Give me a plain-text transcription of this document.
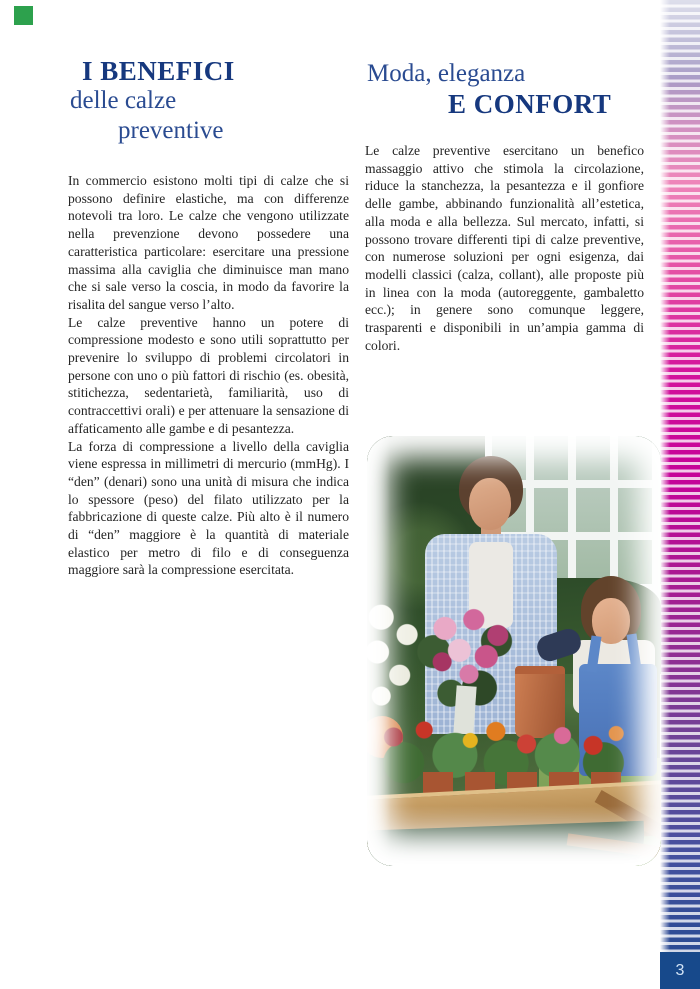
I BENEFICI
delle calze
preventive
Moda, eleganza
E CONFORT

In commercio esistono molti tipi di calze che si possono definire elastiche, ma con differenze notevoli tra loro. Le calze che vengono utilizzate nella prevenzione devono possedere una caratteristica particolare: esercitare una pressione massima alla caviglia che diminuisce man mano che si sale verso la coscia, in modo da favorire la risalita del sangue verso l’alto.

Le calze preventive hanno un potere di compressione modesto e sono utili soprattutto per prevenire lo sviluppo di problemi circolatori in persone con uno o più fattori di rischio (es. obesità, stitichezza, sedentarietà, familiarità, uso di contraccettivi orali) e per attenuare la sensazione di affaticamento alle gambe e di pesantezza.

La forza di compressione a livello della caviglia viene espressa in millimetri di mercurio (mmHg). I “den” (denari) sono una unità di misura che indica lo spessore (peso) del filato utilizzato per la fabbricazione di queste calze. Più alto è il numero di “den” maggiore è la quantità di materiale elastico per metro di filo e di conseguenza maggiore sarà la compressione esercitata.

Le calze preventive esercitano un benefico massaggio attivo che stimola la circolazione, riduce la stanchezza, la pesantezza e il gonfiore delle gambe, abbinando funzionalità all’estetica, alla moda e alla bellezza. Sul mercato, infatti, si possono trovare differenti tipi di calze preventive, con numerose soluzioni per ogni esigenza, dai modelli classici (calza, collant), alle proposte più in linea con la moda (autoreggente, gambaletto ecc.); in genere sono comunque leggere, trasparenti e disponibili in un’ampia gamma di colori.

3
